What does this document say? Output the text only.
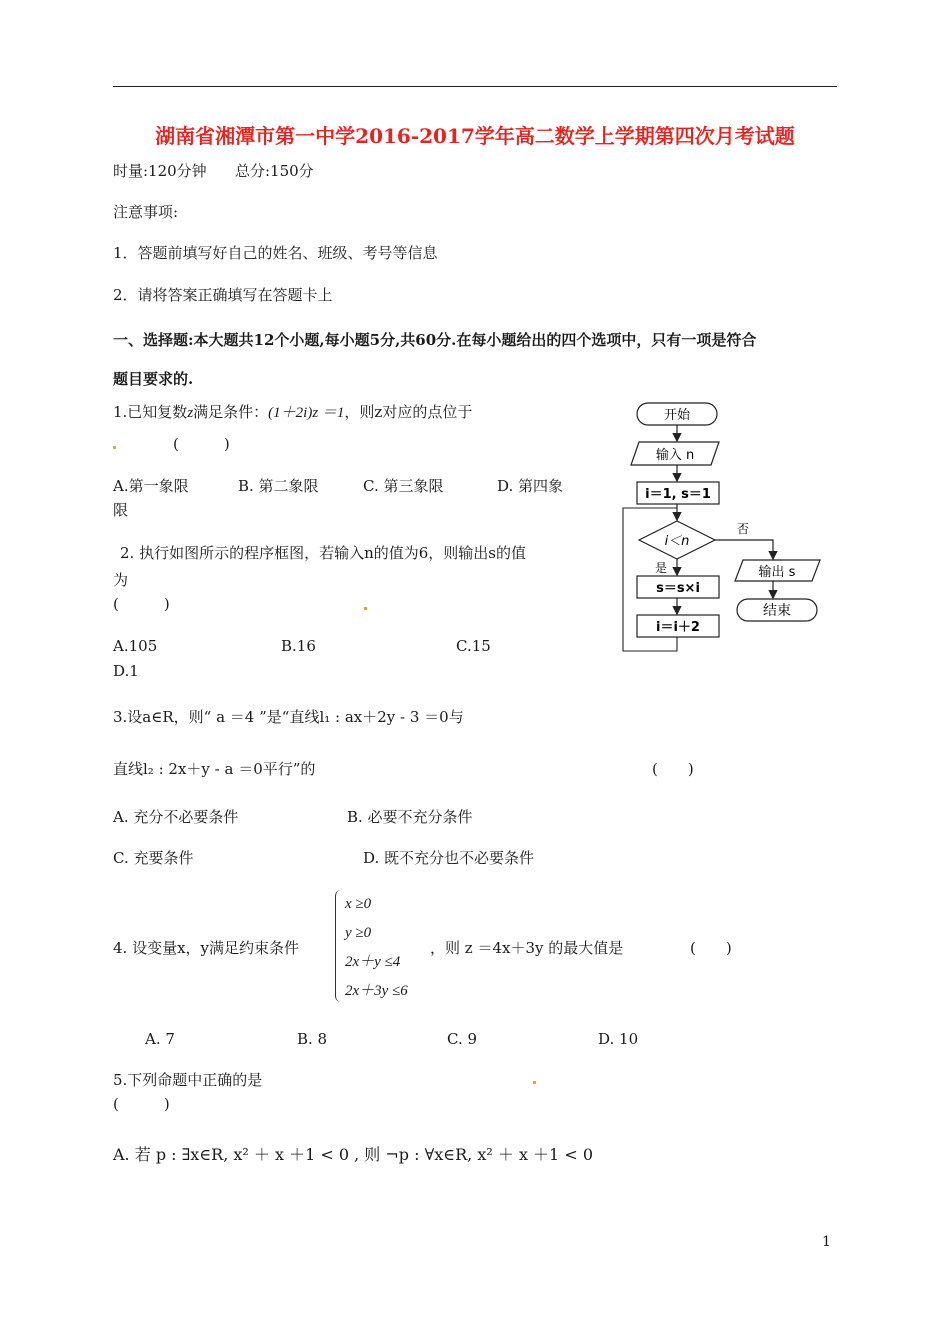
湖南省湘潭市第一中学2016-2017学年高二数学上学期第四次月考试题
时量:120分钟 总分:150分
注意事项:
1．答题前填写好自己的姓名、班级、考号等信息
2．请将答案正确填写在答题卡上
一、选择题:本大题共12个小题,每小题5分,共60分.在每小题给出的四个选项中，只有一项是符合
题目要求的.
1.已知复数z满足条件：(1＋2i)z ＝1，则z对应的点位于
(　　　)
A.第一象限	B. 第二象限	C. 第三象限	D. 第四象
限
2. 执行如图所示的程序框图，若输入n的值为6，则输出s的值
为
(　　　)
A.105	B.16	C.15
D.1
开始
输入 n
i＝1, s＝1
i＜n
否
是
s＝s×i
i＝i＋2
输出 s
结束
3.设a∈R，则“ a ＝4 ”是“直线l₁ : ax＋2y - 3 ＝0与
直线l₂ : 2x＋y - a ＝0平行”的	(　　)
A. 充分不必要条件	B. 必要不充分条件
C. 充要条件	D. 既不充分也不必要条件
4. 设变量x，y满足约束条件
x ≥0
y ≥0
2x＋y ≤4
2x＋3y ≤6
，则 z ＝4x＋3y 的最大值是	(　　)
A. 7	B. 8	C. 9	D. 10
5.下列命题中正确的是
(　　　)
A. 若 p : ∃x∈R, x² ＋ x ＋1 < 0 , 则 ¬p : ∀x∈R, x² ＋ x ＋1 < 0
1
